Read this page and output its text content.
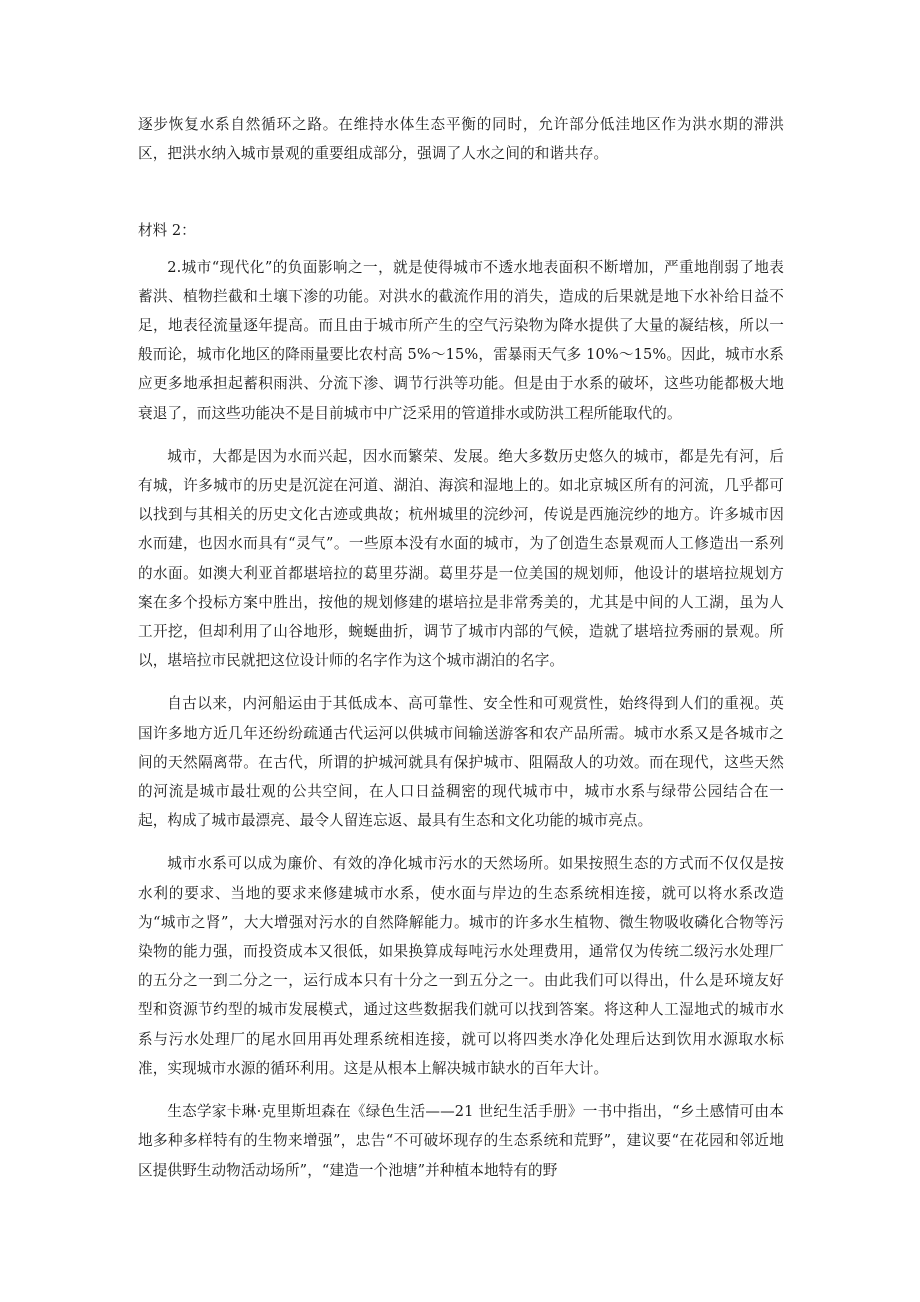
逐步恢复水系自然循环之路。在维持水体生态平衡的同时，允许部分低洼地区作为洪水期的滞洪区，把洪水纳入城市景观的重要组成部分，强调了人水之间的和谐共存。

材料 2：

2.城市“现代化”的负面影响之一，就是使得城市不透水地表面积不断增加，严重地削弱了地表蓄洪、植物拦截和土壤下渗的功能。对洪水的截流作用的消失，造成的后果就是地下水补给日益不足，地表径流量逐年提高。而且由于城市所产生的空气污染物为降水提供了大量的凝结核，所以一般而论，城市化地区的降雨量要比农村高 5%～15%，雷暴雨天气多 10%～15%。因此，城市水系应更多地承担起蓄积雨洪、分流下渗、调节行洪等功能。但是由于水系的破坏，这些功能都极大地衰退了，而这些功能决不是目前城市中广泛采用的管道排水或防洪工程所能取代的。

城市，大都是因为水而兴起，因水而繁荣、发展。绝大多数历史悠久的城市，都是先有河，后有城，许多城市的历史是沉淀在河道、湖泊、海滨和湿地上的。如北京城区所有的河流，几乎都可以找到与其相关的历史文化古迹或典故；杭州城里的浣纱河，传说是西施浣纱的地方。许多城市因水而建，也因水而具有“灵气”。一些原本没有水面的城市，为了创造生态景观而人工修造出一系列的水面。如澳大利亚首都堪培拉的葛里芬湖。葛里芬是一位美国的规划师，他设计的堪培拉规划方案在多个投标方案中胜出，按他的规划修建的堪培拉是非常秀美的，尤其是中间的人工湖，虽为人工开挖，但却利用了山谷地形，蜿蜒曲折，调节了城市内部的气候，造就了堪培拉秀丽的景观。所以，堪培拉市民就把这位设计师的名字作为这个城市湖泊的名字。

自古以来，内河船运由于其低成本、高可靠性、安全性和可观赏性，始终得到人们的重视。英国许多地方近几年还纷纷疏通古代运河以供城市间输送游客和农产品所需。城市水系又是各城市之间的天然隔离带。在古代，所谓的护城河就具有保护城市、阻隔敌人的功效。而在现代，这些天然的河流是城市最壮观的公共空间，在人口日益稠密的现代城市中，城市水系与绿带公园结合在一起，构成了城市最漂亮、最令人留连忘返、最具有生态和文化功能的城市亮点。

城市水系可以成为廉价、有效的净化城市污水的天然场所。如果按照生态的方式而不仅仅是按水利的要求、当地的要求来修建城市水系，使水面与岸边的生态系统相连接，就可以将水系改造为“城市之肾”，大大增强对污水的自然降解能力。城市的许多水生植物、微生物吸收磷化合物等污染物的能力强，而投资成本又很低，如果换算成每吨污水处理费用，通常仅为传统二级污水处理厂的五分之一到二分之一，运行成本只有十分之一到五分之一。由此我们可以得出，什么是环境友好型和资源节约型的城市发展模式，通过这些数据我们就可以找到答案。将这种人工湿地式的城市水系与污水处理厂的尾水回用再处理系统相连接，就可以将四类水净化处理后达到饮用水源取水标准，实现城市水源的循环利用。这是从根本上解决城市缺水的百年大计。

生态学家卡琳·克里斯坦森在《绿色生活——21 世纪生活手册》一书中指出，“乡土感情可由本地多种多样特有的生物来增强”，忠告“不可破坏现存的生态系统和荒野”，建议要“在花园和邻近地区提供野生动物活动场所”，“建造一个池塘”并种植本地特有的野
